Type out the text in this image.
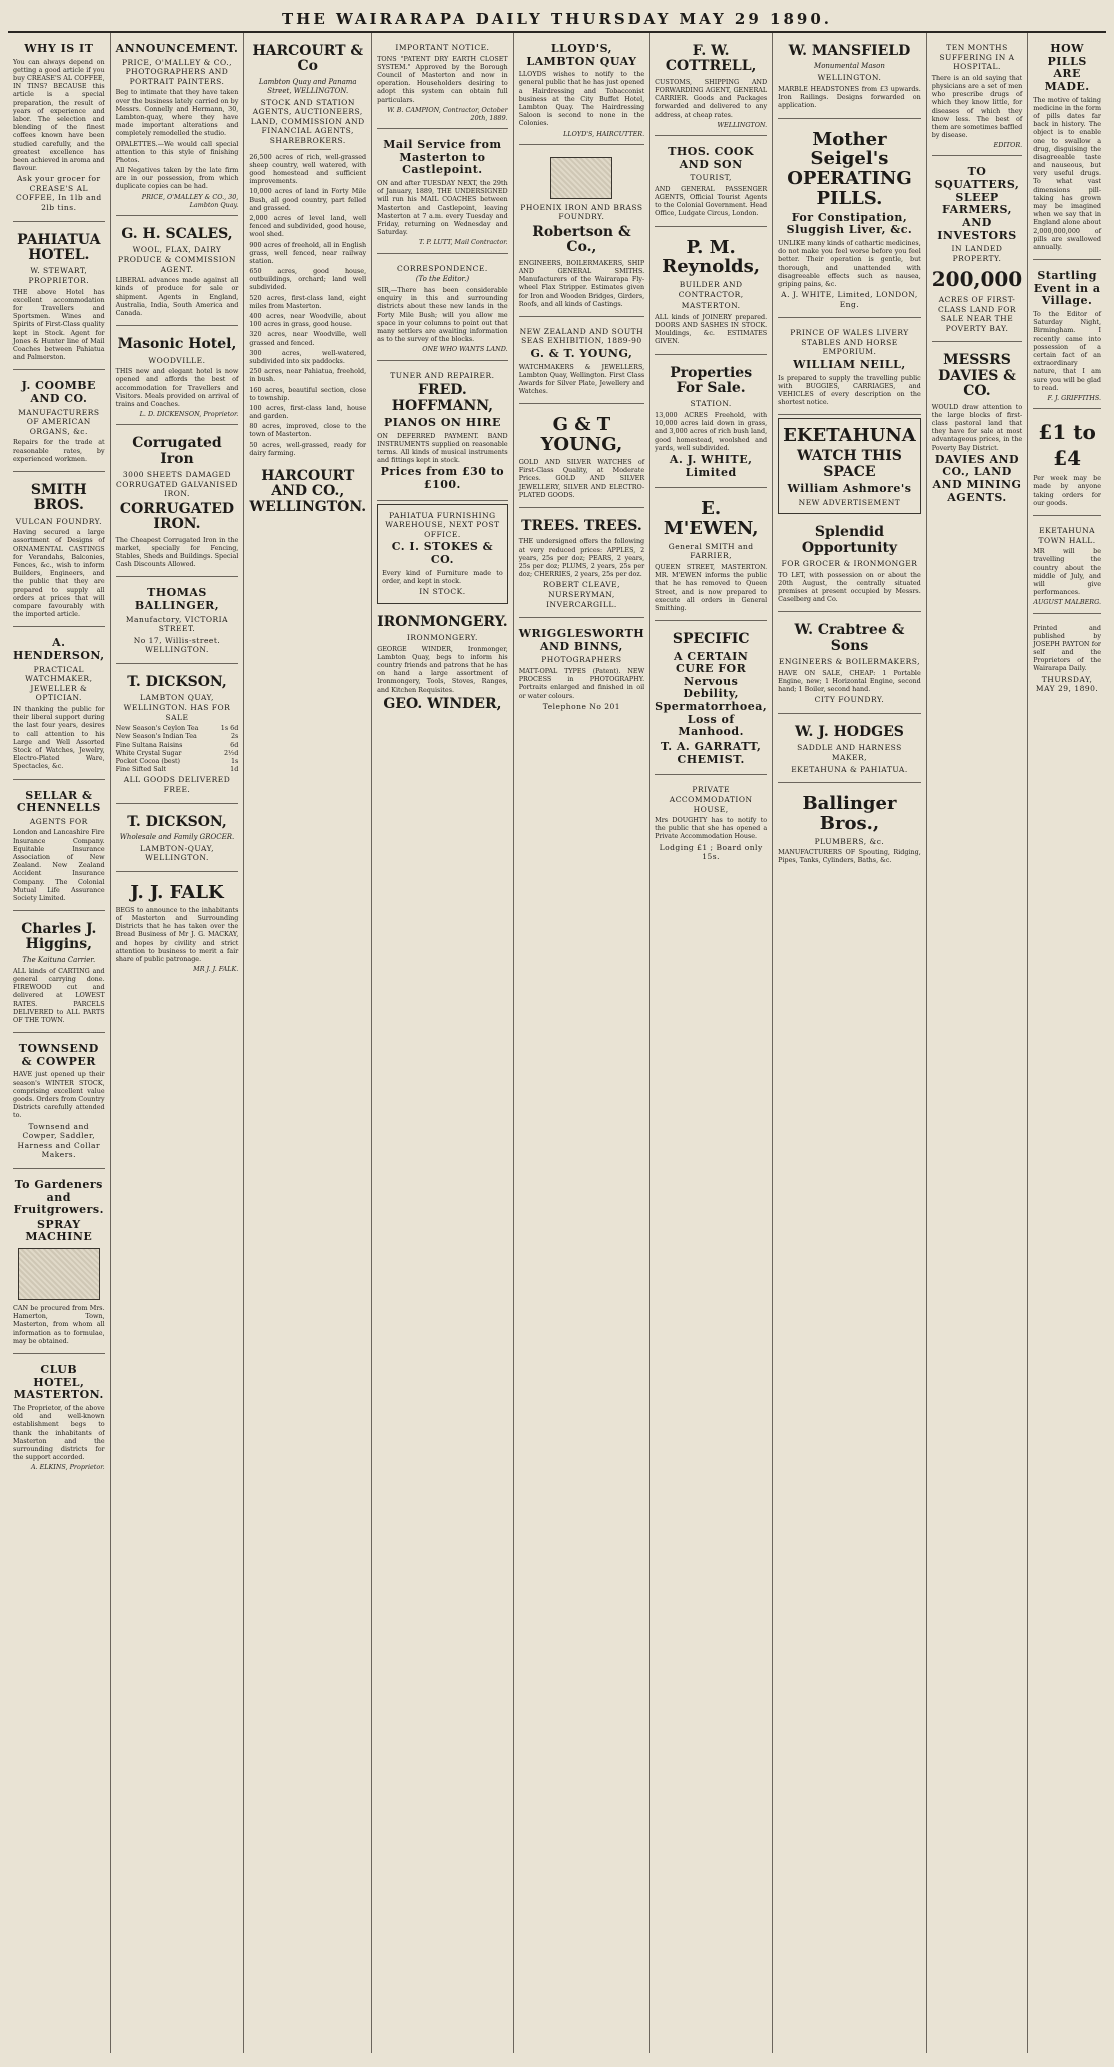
THE WAIRARAPA DAILY THURSDAY MAY 29 1890.
WHY IS IT
You can always depend on getting a good article if you buy CREASE'S AL COFFEE, IN TINS? BECAUSE this article is a special preparation, the result of years of experience and labor. The selection and blending of the finest coffees known have been studied carefully, and the greatest excellence has been achieved in aroma and flavour.
Ask your grocer for CREASE'S AL COFFEE, In 1lb and 2lb tins.
PAHIATUA HOTEL.
W. STEWART, PROPRIETOR.
THE above Hotel has excellent accommodation for Travellers and Sportsmen. Wines and Spirits of First-Class quality kept in Stock. Agent for Jones & Hunter line of Mail Coaches between Pahiatua and Palmerston.
J. COOMBE AND CO.
MANUFACTURERS OF AMERICAN ORGANS, &c.
Repairs for the trade at reasonable rates, by experienced workmen.
SMITH BROS.
VULCAN FOUNDRY.
Having secured a large assortment of Designs of ORNAMENTAL CASTINGS for Verandahs, Balconies, Fences, &c., wish to inform Builders, Engineers, and the public that they are prepared to supply all orders at prices that will compare favourably with the imported article.
A. HENDERSON,
PRACTICAL WATCHMAKER, JEWELLER & OPTICIAN.
IN thanking the public for their liberal support during the last four years, desires to call attention to his Large and Well Assorted Stock of Watches, Jewelry, Electro-Plated Ware, Spectacles, &c.
SELLAR & CHENNELLS
AGENTS FOR
London and Lancashire Fire Insurance Company. Equitable Insurance Association of New Zealand. New Zealand Accident Insurance Company. The Colonial Mutual Life Assurance Society Limited.
Charles J. Higgins,
The Kaituna Carrier.
ALL kinds of CARTING and general carrying done. FIREWOOD cut and delivered at LOWEST RATES. PARCELS DELIVERED to ALL PARTS OF THE TOWN.
TOWNSEND & COWPER
HAVE just opened up their season's WINTER STOCK, comprising excellent value goods. Orders from Country Districts carefully attended to.
Townsend and Cowper, Saddler, Harness and Collar Makers.
To Gardeners and Fruitgrowers.
SPRAY MACHINE
CAN be procured from Mrs. Hamerton, Town, Masterton, from whom all information as to formulae, may be obtained.
CLUB HOTEL, MASTERTON.
The Proprietor, of the above old and well-known establishment begs to thank the inhabitants of Masterton and the surrounding districts for the support accorded.
A. ELKINS, Proprietor.
ANNOUNCEMENT.
PRICE, O'MALLEY & CO., PHOTOGRAPHERS AND PORTRAIT PAINTERS.
Beg to intimate that they have taken over the business lately carried on by Messrs. Connelly and Hermann, 30, Lambton-quay, where they have made important alterations and completely remodelled the studio.
OPALETTES.—We would call special attention to this style of finishing Photos.
All Negatives taken by the late firm are in our possession, from which duplicate copies can be had.
PRICE, O'MALLEY & CO., 30, Lambton Quay.
G. H. SCALES,
WOOL, FLAX, DAIRY PRODUCE & COMMISSION AGENT.
LIBERAL advances made against all kinds of produce for sale or shipment. Agents in England, Australia, India, South America and Canada.
Masonic Hotel,
WOODVILLE.
THIS new and elegant hotel is now opened and affords the best of accommodation for Travellers and Visitors. Meals provided on arrival of trains and Coaches.
L. D. DICKENSON, Proprietor.
Corrugated Iron
3000 SHEETS DAMAGED CORRUGATED GALVANISED IRON.
CORRUGATED IRON.
The Cheapest Corrugated Iron in the market, specially for Fencing, Stables, Sheds and Buildings. Special Cash Discounts Allowed.
THOMAS BALLINGER,
Manufactory, VICTORIA STREET.
No 17, Willis-street. WELLINGTON.
T. DICKSON,
LAMBTON QUAY, WELLINGTON. HAS FOR SALE
New Season's Ceylon Tea	1s 6d
New Season's Indian Tea	2s
Fine Sultana Raisins	6d
White Crystal Sugar	2½d
Pocket Cocoa (best)	1s
Fine Sifted Salt	1d
ALL GOODS DELIVERED FREE.
T. DICKSON,
Wholesale and Family GROCER.
LAMBTON-QUAY, WELLINGTON.
J. J. FALK
BEGS to announce to the inhabitants of Masterton and Surrounding Districts that he has taken over the Bread Business of Mr J. G. MACKAY, and hopes by civility and strict attention to business to merit a fair share of public patronage.
MR J. J. FALK.
HARCOURT & Co
Lambton Quay and Panama Street, WELLINGTON.
STOCK AND STATION AGENTS, AUCTIONEERS, LAND, COMMISSION AND FINANCIAL AGENTS, SHAREBROKERS.
26,500 acres of rich, well-grassed sheep country, well watered, with good homestead and sufficient improvements.
10,000 acres of land in Forty Mile Bush, all good country, part felled and grassed.
2,000 acres of level land, well fenced and subdivided, good house, wool shed.
900 acres of freehold, all in English grass, well fenced, near railway station.
650 acres, good house, outbuildings, orchard; land well subdivided.
520 acres, first-class land, eight miles from Masterton.
400 acres, near Woodville, about 100 acres in grass, good house.
320 acres, near Woodville, well grassed and fenced.
300 acres, well-watered, subdivided into six paddocks.
250 acres, near Pahiatua, freehold, in bush.
160 acres, beautiful section, close to township.
100 acres, first-class land, house and garden.
80 acres, improved, close to the town of Masterton.
50 acres, well-grassed, ready for dairy farming.
HARCOURT AND CO., WELLINGTON.
IMPORTANT NOTICE.
TONS "PATENT DRY EARTH CLOSET SYSTEM." Approved by the Borough Council of Masterton and now in operation. Householders desiring to adopt this system can obtain full particulars.
W. B. CAMPION, Contractor, October 20th, 1889.
Mail Service from Masterton to Castlepoint.
ON and after TUESDAY NEXT, the 29th of January, 1889, THE UNDERSIGNED will run his MAIL COACHES between Masterton and Castlepoint, leaving Masterton at 7 a.m. every Tuesday and Friday, returning on Wednesday and Saturday.
T. P. LUTT, Mail Contractor.
CORRESPONDENCE.
(To the Editor.)
SIR,—There has been considerable enquiry in this and surrounding districts about these new lands in the Forty Mile Bush; will you allow me space in your columns to point out that many settlers are awaiting information as to the survey of the blocks.
ONE WHO WANTS LAND.
TUNER AND REPAIRER.
FRED. HOFFMANN,
PIANOS ON HIRE
ON DEFERRED PAYMENT. BAND INSTRUMENTS supplied on reasonable terms. All kinds of musical instruments and fittings kept in stock.
Prices from £30 to £100.
PAHIATUA FURNISHING WAREHOUSE, NEXT POST OFFICE.
C. I. STOKES & CO.
Every kind of Furniture made to order, and kept in stock.
IN STOCK.
IRONMONGERY.
IRONMONGERY.
GEORGE WINDER, Ironmonger, Lambton Quay, begs to inform his country friends and patrons that he has on hand a large assortment of Ironmongery, Tools, Stoves, Ranges, and Kitchen Requisites.
GEO. WINDER,
LLOYD'S, LAMBTON QUAY
LLOYDS wishes to notify to the general public that he has just opened a Hairdressing and Tobacconist business at the City Buffet Hotel, Lambton Quay. The Hairdressing Saloon is second to none in the Colonies.
LLOYD'S, HAIRCUTTER.
PHOENIX IRON AND BRASS FOUNDRY.
Robertson & Co.,
ENGINEERS, BOILERMAKERS, SHIP AND GENERAL SMITHS. Manufacturers of the Wairarapa Fly-wheel Flax Stripper. Estimates given for Iron and Wooden Bridges, Girders, Roofs, and all kinds of Castings.
NEW ZEALAND AND SOUTH SEAS EXHIBITION, 1889-90
G. & T. YOUNG,
WATCHMAKERS & JEWELLERS, Lambton Quay, Wellington. First Class Awards for Silver Plate, Jewellery and Watches.
G & T YOUNG,
GOLD AND SILVER WATCHES of First-Class Quality, at Moderate Prices. GOLD AND SILVER JEWELLERY, SILVER AND ELECTRO-PLATED GOODS.
TREES. TREES.
THE undersigned offers the following at very reduced prices: APPLES, 2 years, 25s per doz; PEARS, 2 years, 25s per doz; PLUMS, 2 years, 25s per doz; CHERRIES, 2 years, 25s per doz.
ROBERT CLEAVE, NURSERYMAN, INVERCARGILL.
WRIGGLESWORTH AND BINNS,
PHOTOGRAPHERS
MATT-OPAL TYPES (Patent). NEW PROCESS in PHOTOGRAPHY. Portraits enlarged and finished in oil or water colours.
Telephone No 201
F. W. COTTRELL,
CUSTOMS, SHIPPING AND FORWARDING AGENT, GENERAL CARRIER. Goods and Packages forwarded and delivered to any address, at cheap rates.
WELLINGTON.
THOS. COOK AND SON
TOURIST,
AND GENERAL PASSENGER AGENTS, Official Tourist Agents to the Colonial Government. Head Office, Ludgate Circus, London.
P. M. Reynolds,
BUILDER AND CONTRACTOR,
MASTERTON.
ALL kinds of JOINERY prepared. DOORS AND SASHES IN STOCK. Mouldings, &c. ESTIMATES GIVEN.
Properties For Sale.
STATION.
13,000 ACRES Freehold, with 10,000 acres laid down in grass, and 3,000 acres of rich bush land, good homestead, woolshed and yards, well subdivided.
A. J. WHITE, Limited
E. M'EWEN,
General SMITH and FARRIER,
QUEEN STREET, MASTERTON. MR. M'EWEN informs the public that he has removed to Queen Street, and is now prepared to execute all orders in General Smithing.
SPECIFIC
A CERTAIN CURE FOR Nervous Debility, Spermatorrhoea, Loss of Manhood.
T. A. GARRATT, CHEMIST.
PRIVATE ACCOMMODATION HOUSE,
Mrs DOUGHTY has to notify to the public that she has opened a Private Accommodation House.
Lodging £1 ; Board only 15s.
W. MANSFIELD
Monumental Mason
WELLINGTON.
MARBLE HEADSTONES from £3 upwards. Iron Railings. Designs forwarded on application.
Mother Seigel's OPERATING PILLS.
For Constipation, Sluggish Liver, &c.
UNLIKE many kinds of cathartic medicines, do not make you feel worse before you feel better. Their operation is gentle, but thorough, and unattended with disagreeable effects such as nausea, griping pains, &c.
A. J. WHITE, Limited, LONDON, Eng.
PRINCE OF WALES LIVERY STABLES AND HORSE EMPORIUM.
WILLIAM NEILL,
Is prepared to supply the travelling public with BUGGIES, CARRIAGES, and VEHICLES of every description on the shortest notice.
EKETAHUNA
WATCH THIS SPACE
William Ashmore's
NEW ADVERTISEMENT
Splendid Opportunity
FOR GROCER & IRONMONGER
TO LET, with possession on or about the 20th August, the centrally situated premises at present occupied by Messrs. Caselberg and Co.
W. Crabtree & Sons
ENGINEERS & BOILERMAKERS,
HAVE ON SALE, CHEAP: 1 Portable Engine, new; 1 Horizontal Engine, second hand; 1 Boiler, second hand.
CITY FOUNDRY.
W. J. HODGES
SADDLE AND HARNESS MAKER,
EKETAHUNA & PAHIATUA.
Ballinger Bros.,
PLUMBERS, &c.
MANUFACTURERS OF Spouting, Ridging, Pipes, Tanks, Cylinders, Baths, &c.
TEN MONTHS SUFFERING IN A HOSPITAL.
There is an old saying that physicians are a set of men who prescribe drugs of which they know little, for diseases of which they know less. The best of them are sometimes baffled by disease.
EDITOR.
TO SQUATTERS, SLEEP FARMERS, AND INVESTORS
IN LANDED PROPERTY.
200,000
ACRES OF FIRST-CLASS LAND FOR SALE NEAR THE POVERTY BAY.
MESSRS DAVIES & CO.
WOULD draw attention to the large blocks of first-class pastoral land that they have for sale at most advantageous prices, in the Poverty Bay District.
DAVIES AND CO., LAND AND MINING AGENTS.
HOW PILLS ARE MADE.
The motive of taking medicine in the form of pills dates far back in history. The object is to enable one to swallow a drug, disguising the disagreeable taste and nauseous, but very useful drugs. To what vast dimensions pill-taking has grown may be imagined when we say that in England alone about 2,000,000,000 of pills are swallowed annually.
Startling Event in a Village.
To the Editor of Saturday Night, Birmingham. I recently came into possession of a certain fact of an extraordinary nature, that I am sure you will be glad to read.
F. J. GRIFFITHS.
£1 to £4
Per week may be made by anyone taking orders for our goods.
EKETAHUNA TOWN HALL.
MR will be travelling the country about the middle of July, and will give performances.
AUGUST MALBERG.
Printed and published by JOSEPH PAYTON for self and the Proprietors of the Wairarapa Daily.
THURSDAY, MAY 29, 1890.
